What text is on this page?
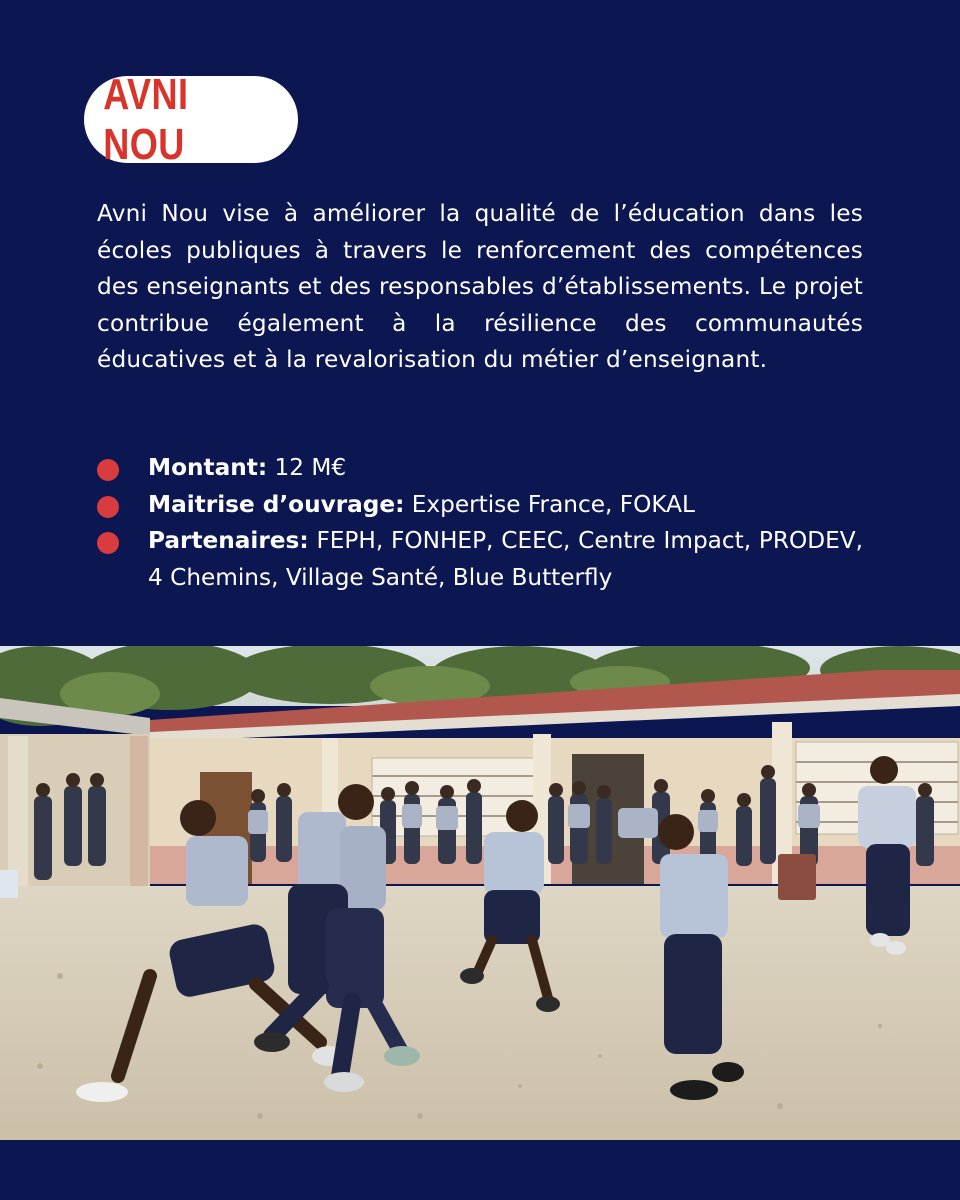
AVNI NOU

Avni Nou vise à améliorer la qualité de l’éducation dans les écoles publiques à travers le renforcement des compétences des enseignants et des responsables d’établissements. Le projet contribue également à la résilience des communautés éducatives et à la revalorisation du métier d’enseignant.

Montant: 12 M€
Maitrise d’ouvrage: Expertise France, FOKAL
Partenaires: FEPH, FONHEP, CEEC, Centre Impact, PRODEV, 4 Chemins, Village Santé, Blue Butterfly
